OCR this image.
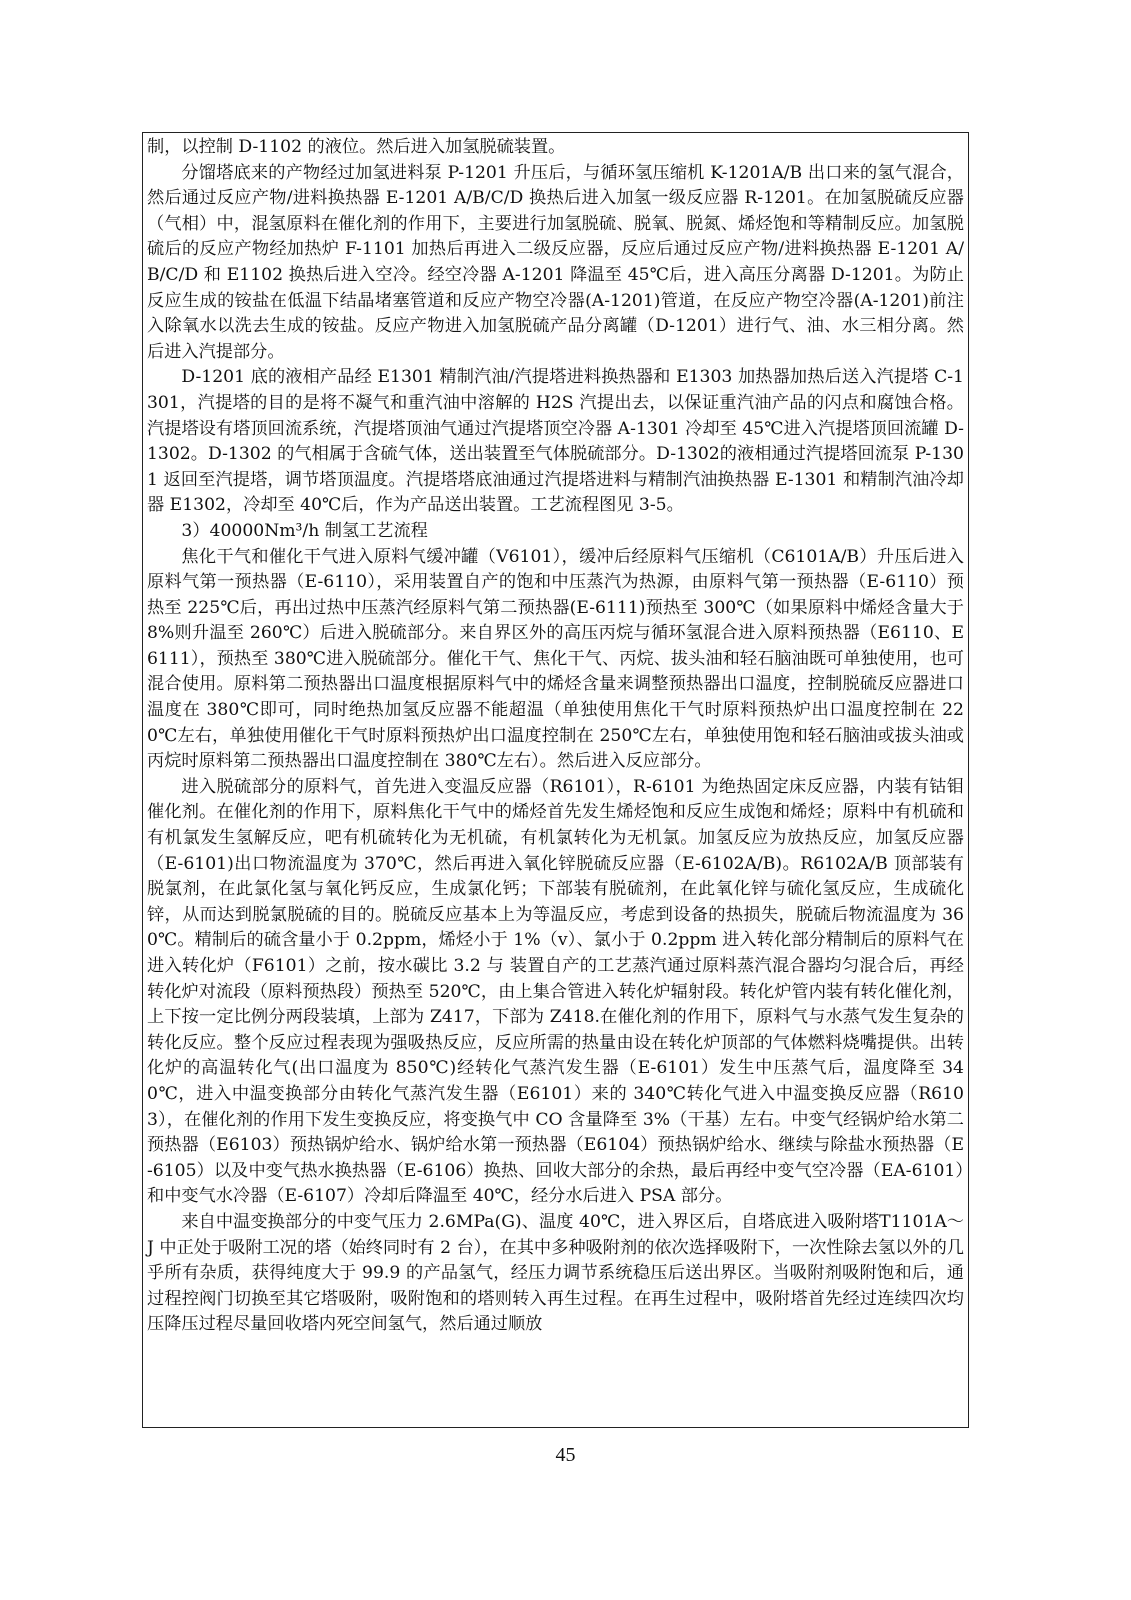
制，以控制 D-1102 的液位。然后进入加氢脱硫装置。

分馏塔底来的产物经过加氢进料泵 P-1201 升压后，与循环氢压缩机 K-1201A/B 出口来的氢气混合，然后通过反应产物/进料换热器 E-1201 A/B/C/D 换热后进入加氢一级反应器 R-1201。在加氢脱硫反应器（气相）中，混氢原料在催化剂的作用下，主要进行加氢脱硫、脱氧、脱氮、烯烃饱和等精制反应。加氢脱硫后的反应产物经加热炉 F-1101 加热后再进入二级反应器，反应后通过反应产物/进料换热器 E-1201 A/B/C/D 和 E1102 换热后进入空冷。经空冷器 A-1201 降温至 45℃后，进入高压分离器 D-1201。为防止反应生成的铵盐在低温下结晶堵塞管道和反应产物空冷器(A-1201)管道，在反应产物空冷器(A-1201)前注入除氧水以洗去生成的铵盐。反应产物进入加氢脱硫产品分离罐（D-1201）进行气、油、水三相分离。然后进入汽提部分。

D-1201 底的液相产品经 E1301 精制汽油/汽提塔进料换热器和 E1303 加热器加热后送入汽提塔 C-1301，汽提塔的目的是将不凝气和重汽油中溶解的 H2S 汽提出去，以保证重汽油产品的闪点和腐蚀合格。汽提塔设有塔顶回流系统，汽提塔顶油气通过汽提塔顶空冷器 A-1301 冷却至 45℃进入汽提塔顶回流罐 D-1302。D-1302 的气相属于含硫气体，送出装置至气体脱硫部分。D-1302的液相通过汽提塔回流泵 P-1301 返回至汽提塔，调节塔顶温度。汽提塔塔底油通过汽提塔进料与精制汽油换热器 E-1301 和精制汽油冷却器 E1302，冷却至 40℃后，作为产品送出装置。工艺流程图见 3-5。

3）40000Nm³/h 制氢工艺流程

焦化干气和催化干气进入原料气缓冲罐（V6101），缓冲后经原料气压缩机（C6101A/B）升压后进入原料气第一预热器（E-6110），采用装置自产的饱和中压蒸汽为热源，由原料气第一预热器（E-6110）预热至 225℃后，再出过热中压蒸汽经原料气第二预热器(E-6111)预热至 300℃（如果原料中烯烃含量大于 8%则升温至 260℃）后进入脱硫部分。来自界区外的高压丙烷与循环氢混合进入原料预热器（E6110、E6111），预热至 380℃进入脱硫部分。催化干气、焦化干气、丙烷、拔头油和轻石脑油既可单独使用，也可混合使用。原料第二预热器出口温度根据原料气中的烯烃含量来调整预热器出口温度，控制脱硫反应器进口温度在 380℃即可，同时绝热加氢反应器不能超温（单独使用焦化干气时原料预热炉出口温度控制在 220℃左右，单独使用催化干气时原料预热炉出口温度控制在 250℃左右，单独使用饱和轻石脑油或拔头油或丙烷时原料第二预热器出口温度控制在 380℃左右）。然后进入反应部分。

进入脱硫部分的原料气，首先进入变温反应器（R6101），R-6101 为绝热固定床反应器，内装有钴钼催化剂。在催化剂的作用下，原料焦化干气中的烯烃首先发生烯烃饱和反应生成饱和烯烃；原料中有机硫和有机氯发生氢解反应，吧有机硫转化为无机硫，有机氯转化为无机氯。加氢反应为放热反应，加氢反应器（E-6101)出口物流温度为 370℃，然后再进入氧化锌脱硫反应器（E-6102A/B)。R6102A/B 顶部装有脱氯剂，在此氯化氢与氧化钙反应，生成氯化钙；下部装有脱硫剂，在此氧化锌与硫化氢反应，生成硫化锌，从而达到脱氯脱硫的目的。脱硫反应基本上为等温反应，考虑到设备的热损失，脱硫后物流温度为 360℃。精制后的硫含量小于 0.2ppm，烯烃小于 1%（v）、氯小于 0.2ppm 进入转化部分精制后的原料气在进入转化炉（F6101）之前，按水碳比 3.2 与 装置自产的工艺蒸汽通过原料蒸汽混合器均匀混合后，再经转化炉对流段（原料预热段）预热至 520℃，由上集合管进入转化炉辐射段。转化炉管内装有转化催化剂，上下按一定比例分两段装填，上部为 Z417，下部为 Z418.在催化剂的作用下，原料气与水蒸气发生复杂的转化反应。整个反应过程表现为强吸热反应，反应所需的热量由设在转化炉顶部的气体燃料烧嘴提供。出转化炉的高温转化气(出口温度为 850℃)经转化气蒸汽发生器（E-6101）发生中压蒸气后，温度降至 340℃，进入中温变换部分由转化气蒸汽发生器（E6101）来的 340℃转化气进入中温变换反应器（R6103），在催化剂的作用下发生变换反应，将变换气中 CO 含量降至 3%（干基）左右。中变气经锅炉给水第二预热器（E6103）预热锅炉给水、锅炉给水第一预热器（E6104）预热锅炉给水、继续与除盐水预热器（E-6105）以及中变气热水换热器（E-6106）换热、回收大部分的余热，最后再经中变气空冷器（EA-6101）和中变气水冷器（E-6107）冷却后降温至 40℃，经分水后进入 PSA 部分。

来自中温变换部分的中变气压力 2.6MPa(G)、温度 40℃，进入界区后，自塔底进入吸附塔T1101A～J 中正处于吸附工况的塔（始终同时有 2 台），在其中多种吸附剂的依次选择吸附下，一次性除去氢以外的几乎所有杂质，获得纯度大于 99.9 的产品氢气，经压力调节系统稳压后送出界区。当吸附剂吸附饱和后，通过程控阀门切换至其它塔吸附，吸附饱和的塔则转入再生过程。在再生过程中，吸附塔首先经过连续四次均压降压过程尽量回收塔内死空间氢气，然后通过顺放

45
